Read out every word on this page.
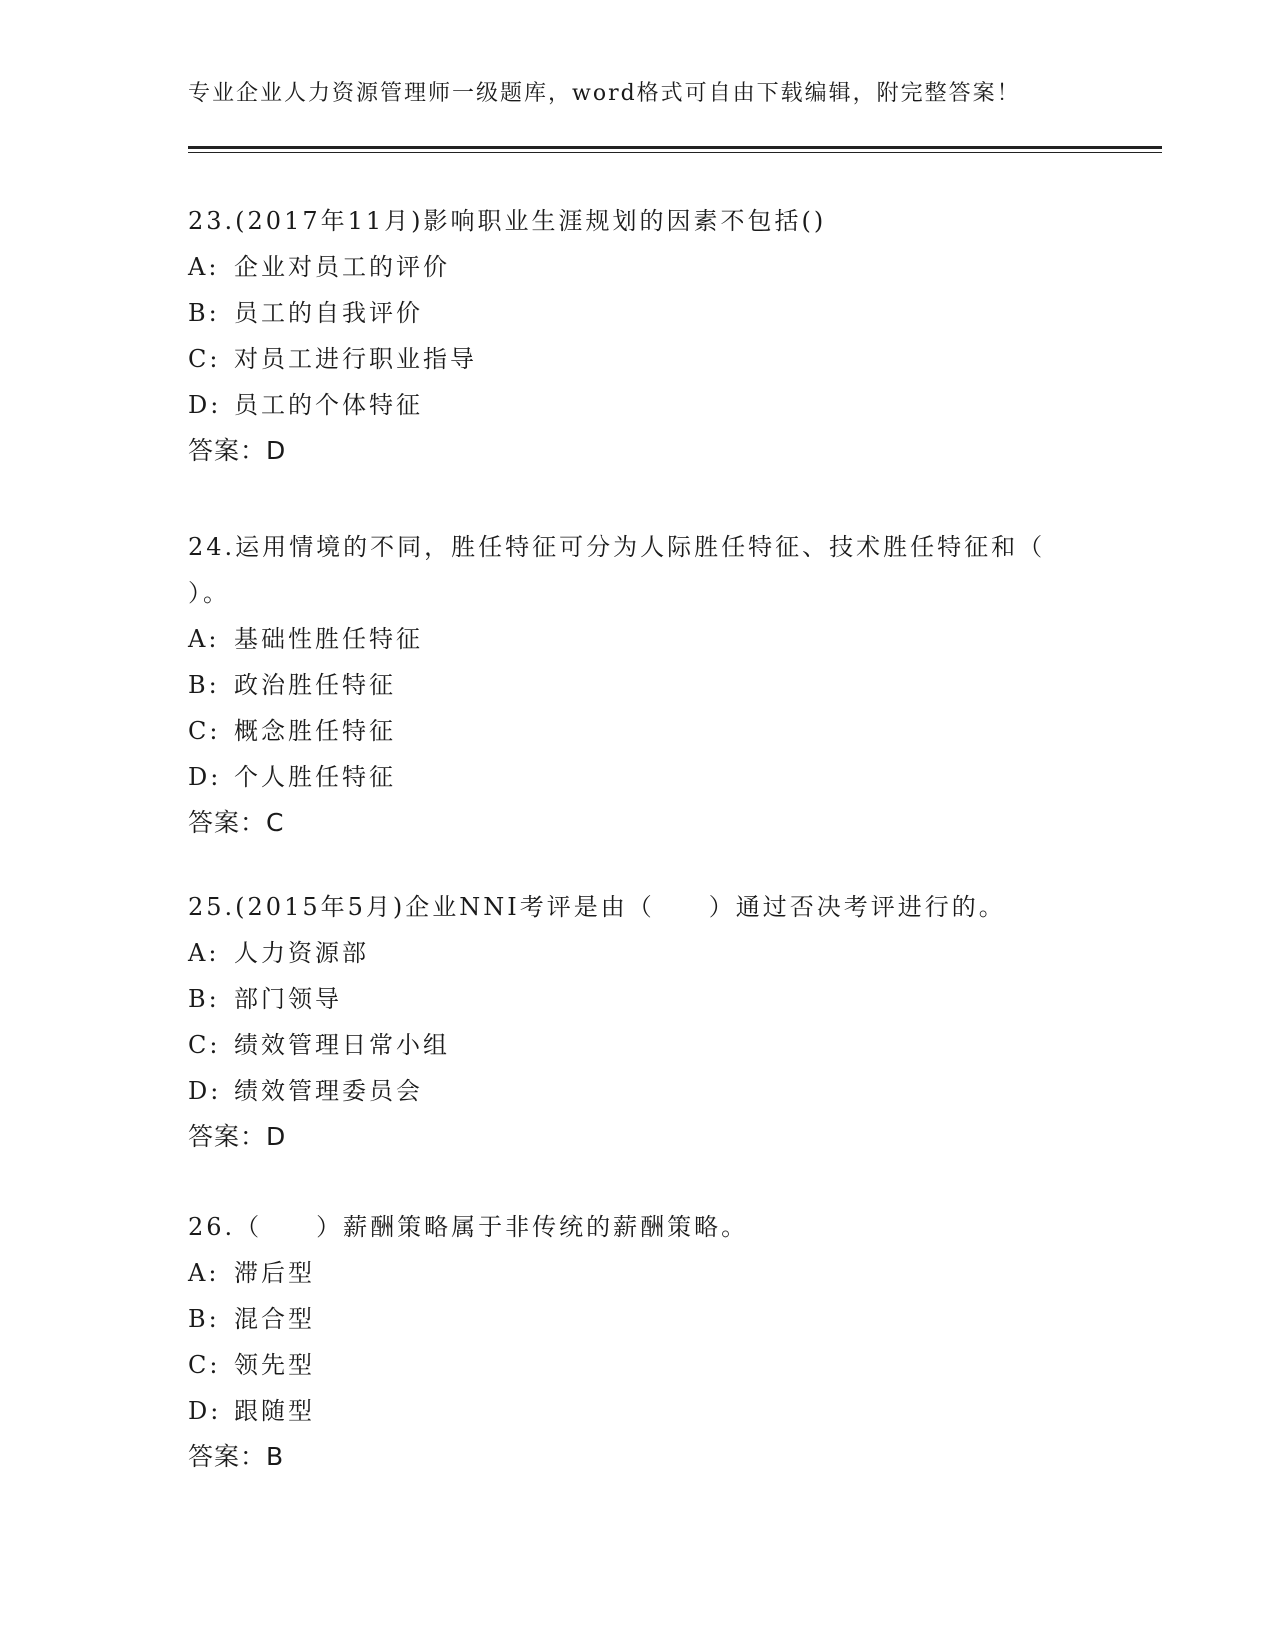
专业企业人力资源管理师一级题库，word格式可自由下载编辑，附完整答案！

23.(2017年11月)影响职业生涯规划的因素不包括()

A: 企业对员工的评价

B: 员工的自我评价

C: 对员工进行职业指导

D: 员工的个体特征

答案：D

24.运用情境的不同，胜任特征可分为人际胜任特征、技术胜任特征和（ ）。

A: 基础性胜任特征

B: 政治胜任特征

C: 概念胜任特征

D: 个人胜任特征

答案：C

25.(2015年5月)企业NNI考评是由（　　）通过否决考评进行的。

A: 人力资源部

B: 部门领导

C: 绩效管理日常小组

D: 绩效管理委员会

答案：D

26.（　　）薪酬策略属于非传统的薪酬策略。

A: 滞后型

B: 混合型

C: 领先型

D: 跟随型

答案：B
